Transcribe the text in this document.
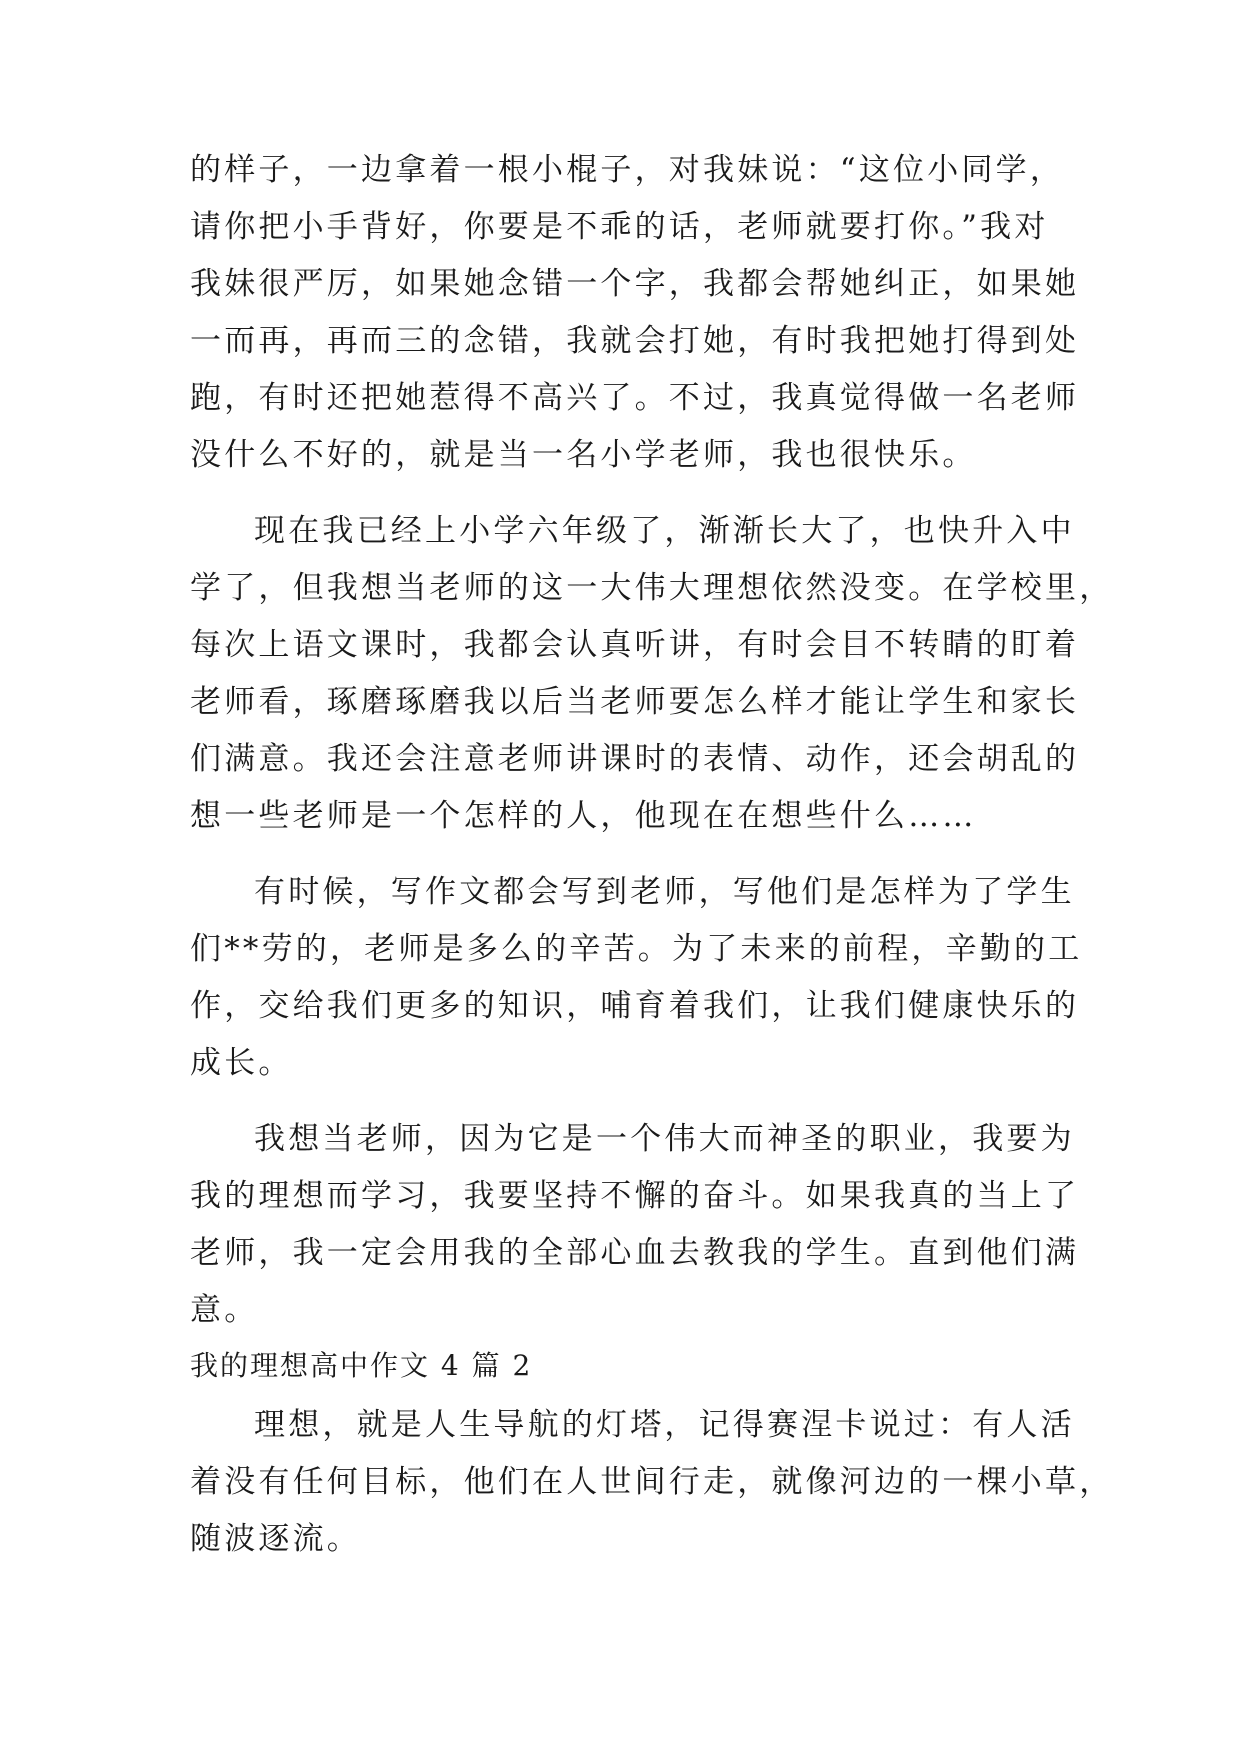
的样子，一边拿着一根小棍子，对我妹说：“这位小同学，
请你把小手背好，你要是不乖的话，老师就要打你。”我对
我妹很严厉，如果她念错一个字，我都会帮她纠正，如果她
一而再，再而三的念错，我就会打她，有时我把她打得到处
跑，有时还把她惹得不高兴了。不过，我真觉得做一名老师
没什么不好的，就是当一名小学老师，我也很快乐。
现在我已经上小学六年级了，渐渐长大了，也快升入中
学了，但我想当老师的这一大伟大理想依然没变。在学校里，
每次上语文课时，我都会认真听讲，有时会目不转睛的盯着
老师看，琢磨琢磨我以后当老师要怎么样才能让学生和家长
们满意。我还会注意老师讲课时的表情、动作，还会胡乱的
想一些老师是一个怎样的人，他现在在想些什么……
有时候，写作文都会写到老师，写他们是怎样为了学生
们**劳的，老师是多么的辛苦。为了未来的前程，辛勤的工
作，交给我们更多的知识，哺育着我们，让我们健康快乐的
成长。
我想当老师，因为它是一个伟大而神圣的职业，我要为
我的理想而学习，我要坚持不懈的奋斗。如果我真的当上了
老师，我一定会用我的全部心血去教我的学生。直到他们满
意。
我的理想高中作文 4 篇 2
理想，就是人生导航的灯塔，记得赛涅卡说过：有人活
着没有任何目标，他们在人世间行走，就像河边的一棵小草，
随波逐流。
